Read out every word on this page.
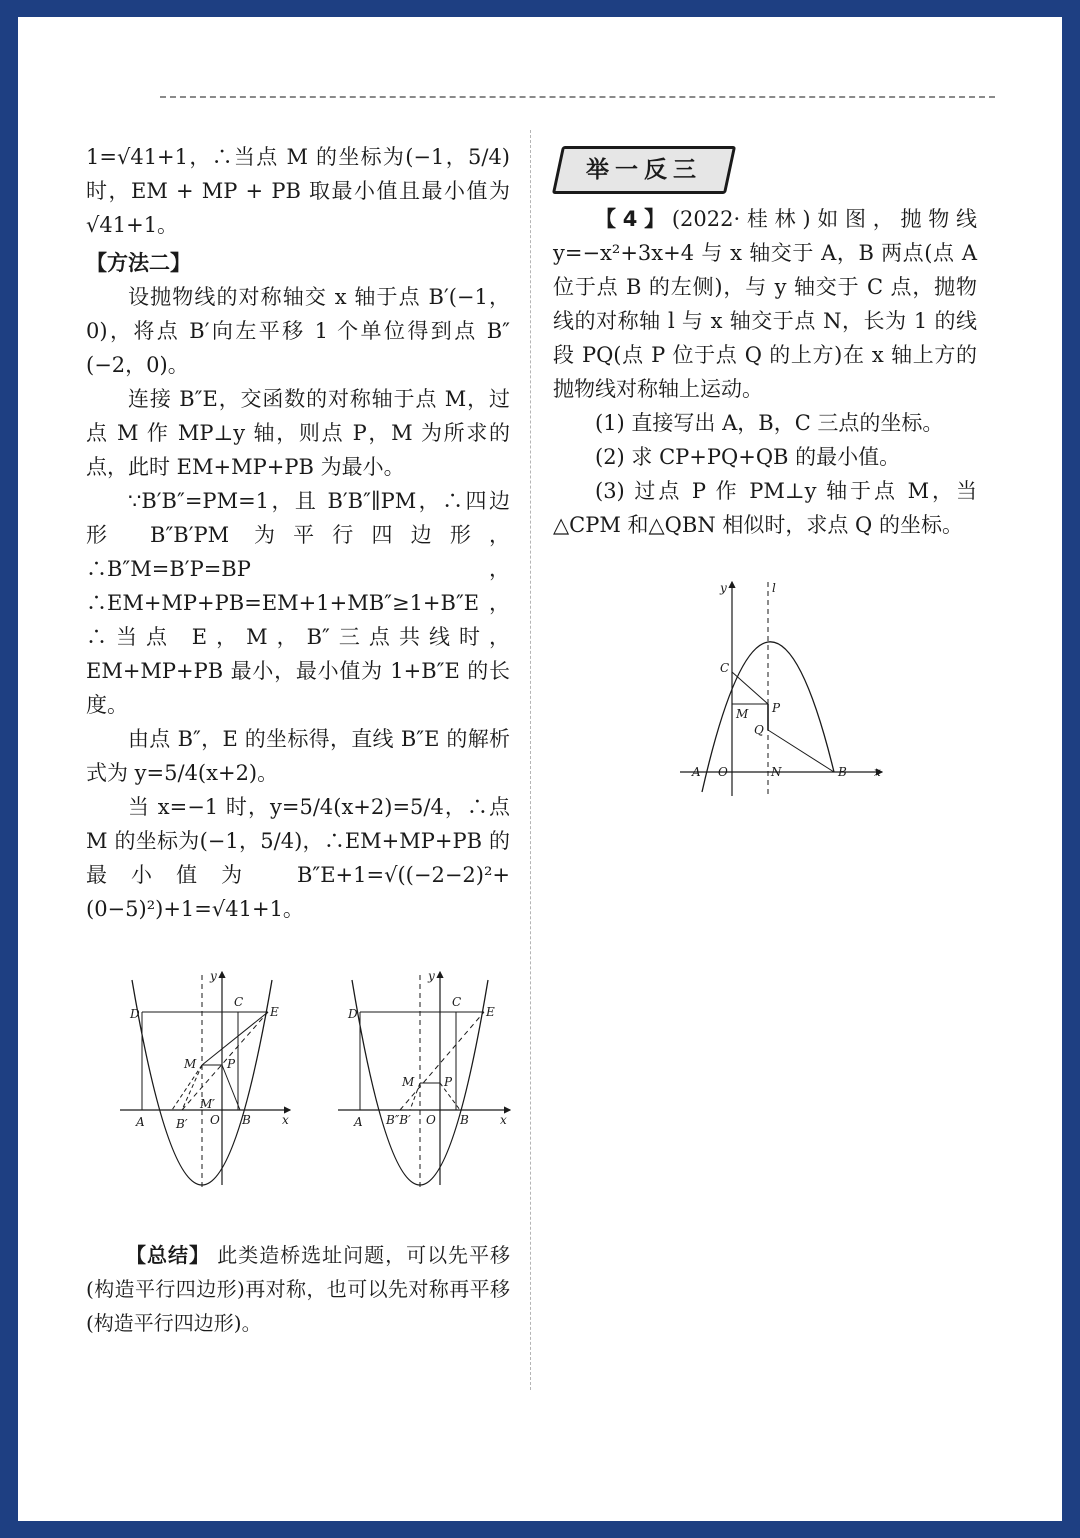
1=√41+1，∴当点 M 的坐标为(−1，5/4)时，EM + MP + PB 取最小值且最小值为 √41+1。

【方法二】

设抛物线的对称轴交 x 轴于点 B′(−1，0)，将点 B′向左平移 1 个单位得到点 B″(−2，0)。

连接 B″E，交函数的对称轴于点 M，过点 M 作 MP⊥y 轴，则点 P，M 为所求的点，此时 EM+MP+PB 为最小。

∵B′B″=PM=1，且 B′B″∥PM，∴四边形 B″B′PM 为平行四边形，∴B″M=B′P=BP，∴EM+MP+PB=EM+1+MB″≥1+B″E，∴当点 E，M，B″三点共线时，EM+MP+PB 最小，最小值为 1+B″E 的长度。

由点 B″，E 的坐标得，直线 B″E 的解析式为 y=5/4(x+2)。

当 x=−1 时，y=5/4(x+2)=5/4，∴点 M 的坐标为(−1，5/4)，∴EM+MP+PB 的最小值为 B″E+1=√((−2−2)²+(0−5)²)+1=√41+1。

D
C
E
M	P
M′
A	B′ O B	x
y
D
C
E
M P
A B″B′ O B	x
y

【总结】 此类造桥选址问题，可以先平移(构造平行四边形)再对称，也可以先对称再平移(构造平行四边形)。

举一反三

【4】(2022·桂林)如图，抛物线 y=−x²+3x+4 与 x 轴交于 A，B 两点(点 A 位于点 B 的左侧)，与 y 轴交于 C 点，抛物线的对称轴 l 与 x 轴交于点 N，长为 1 的线段 PQ(点 P 位于点 Q 的上方)在 x 轴上方的抛物线对称轴上运动。

(1) 直接写出 A，B，C 三点的坐标。

(2) 求 CP+PQ+QB 的最小值。

(3) 过点 P 作 PM⊥y 轴于点 M，当△CPM 和△QBN 相似时，求点 Q 的坐标。

y	l
C
M P
Q
A O	N	B x
